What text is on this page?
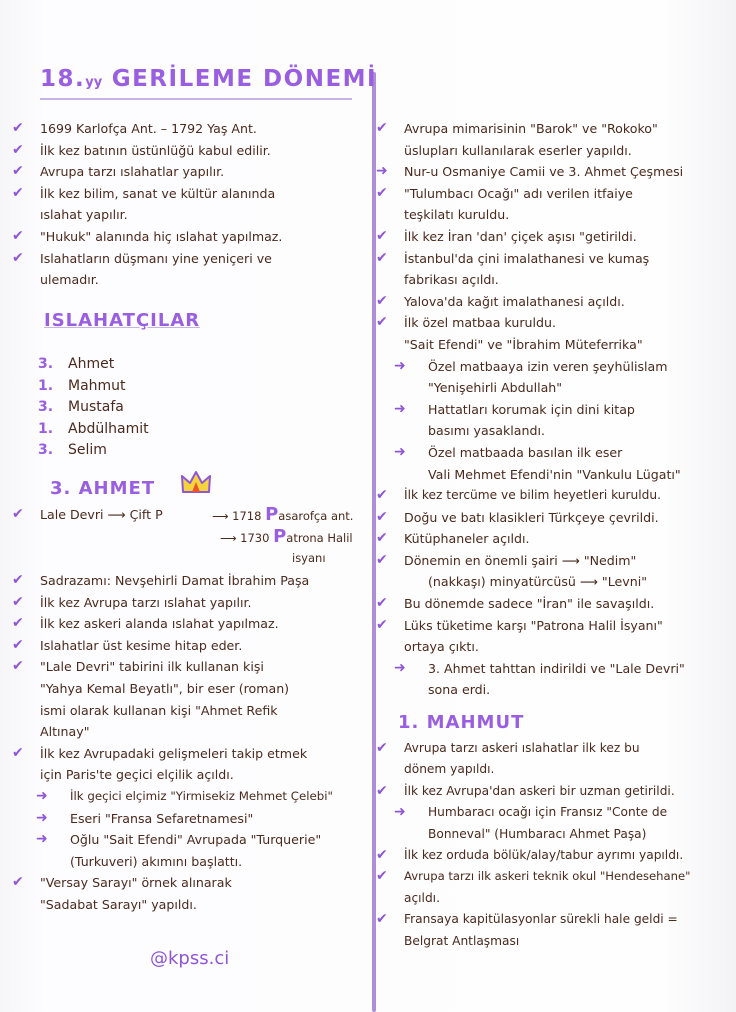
18.yy GERİLEME DÖNEMİ
✔ 1699 Karlofça Ant. – 1792 Yaş Ant.
✔ İlk kez batının üstünlüğü kabul edilir.
✔ Avrupa tarzı ıslahatlar yapılır.
✔ İlk kez bilim, sanat ve kültür alanında
ıslahat yapılır.
✔ "Hukuk" alanında hiç ıslahat yapılmaz.
✔ Islahatların düşmanı yine yeniçeri ve
ulemadır.
ISLAHATÇILAR
3. Ahmet
1. Mahmut
3. Mustafa
1. Abdülhamit
3. Selim
3. AHMET
✔ Lale Devri ⟶ Çift P	⟶ 1718 Pasarofça ant.
⟶ 1730 Patrona Halil
isyanı
✔ Sadrazamı: Nevşehirli Damat İbrahim Paşa
✔ İlk kez Avrupa tarzı ıslahat yapılır.
✔ İlk kez askeri alanda ıslahat yapılmaz.
✔ Islahatlar üst kesime hitap eder.
✔ "Lale Devri" tabirini ilk kullanan kişi
"Yahya Kemal Beyatlı", bir eser (roman)
ismi olarak kullanan kişi "Ahmet Refik
Altınay"
✔ İlk kez Avrupadaki gelişmeleri takip etmek
için Paris'te geçici elçilik açıldı.
➜ İlk geçici elçimiz "Yirmisekiz Mehmet Çelebi"
➜ Eseri "Fransa Sefaretnamesi"
➜ Oğlu "Sait Efendi" Avrupada "Turquerie"
(Turkuveri) akımını başlattı.
✔ "Versay Sarayı" örnek alınarak
"Sadabat Sarayı" yapıldı.
✔ Avrupa mimarisinin "Barok" ve "Rokoko"
üslupları kullanılarak eserler yapıldı.
➜ Nur-u Osmaniye Camii ve 3. Ahmet Çeşmesi
✔ "Tulumbacı Ocağı" adı verilen itfaiye
teşkilatı kuruldu.
✔ İlk kez İran 'dan' çiçek aşısı "getirildi.
✔ İstanbul'da çini imalathanesi ve kumaş
fabrikası açıldı.
✔ Yalova'da kağıt imalathanesi açıldı.
✔ İlk özel matbaa kuruldu.
"Sait Efendi" ve "İbrahim Müteferrika"
➜ Özel matbaaya izin veren şeyhülislam
"Yenişehirli Abdullah"
➜ Hattatları korumak için dini kitap
basımı yasaklandı.
➜ Özel matbaada basılan ilk eser
Vali Mehmet Efendi'nin "Vankulu Lügatı"
✔ İlk kez tercüme ve bilim heyetleri kuruldu.
✔ Doğu ve batı klasikleri Türkçeye çevrildi.
✔ Kütüphaneler açıldı.
✔ Dönemin en önemli şairi ⟶ "Nedim"
(nakkaşı) minyatürcüsü ⟶ "Levni"
✔ Bu dönemde sadece "İran" ile savaşıldı.
✔ Lüks tüketime karşı "Patrona Halil İsyanı"
ortaya çıktı.
➜ 3. Ahmet tahttan indirildi ve "Lale Devri"
sona erdi.
1. MAHMUT
✔ Avrupa tarzı askeri ıslahatlar ilk kez bu
dönem yapıldı.
✔ İlk kez Avrupa'dan askeri bir uzman getirildi.
➜ Humbaracı ocağı için Fransız "Conte de
Bonneval" (Humbaracı Ahmet Paşa)
✔ İlk kez orduda bölük/alay/tabur ayrımı yapıldı.
✔ Avrupa tarzı ilk askeri teknik okul "Hendesehane"
açıldı.
✔ Fransaya kapitülasyonlar sürekli hale geldi =
Belgrat Antlaşması
@kpss.ci
